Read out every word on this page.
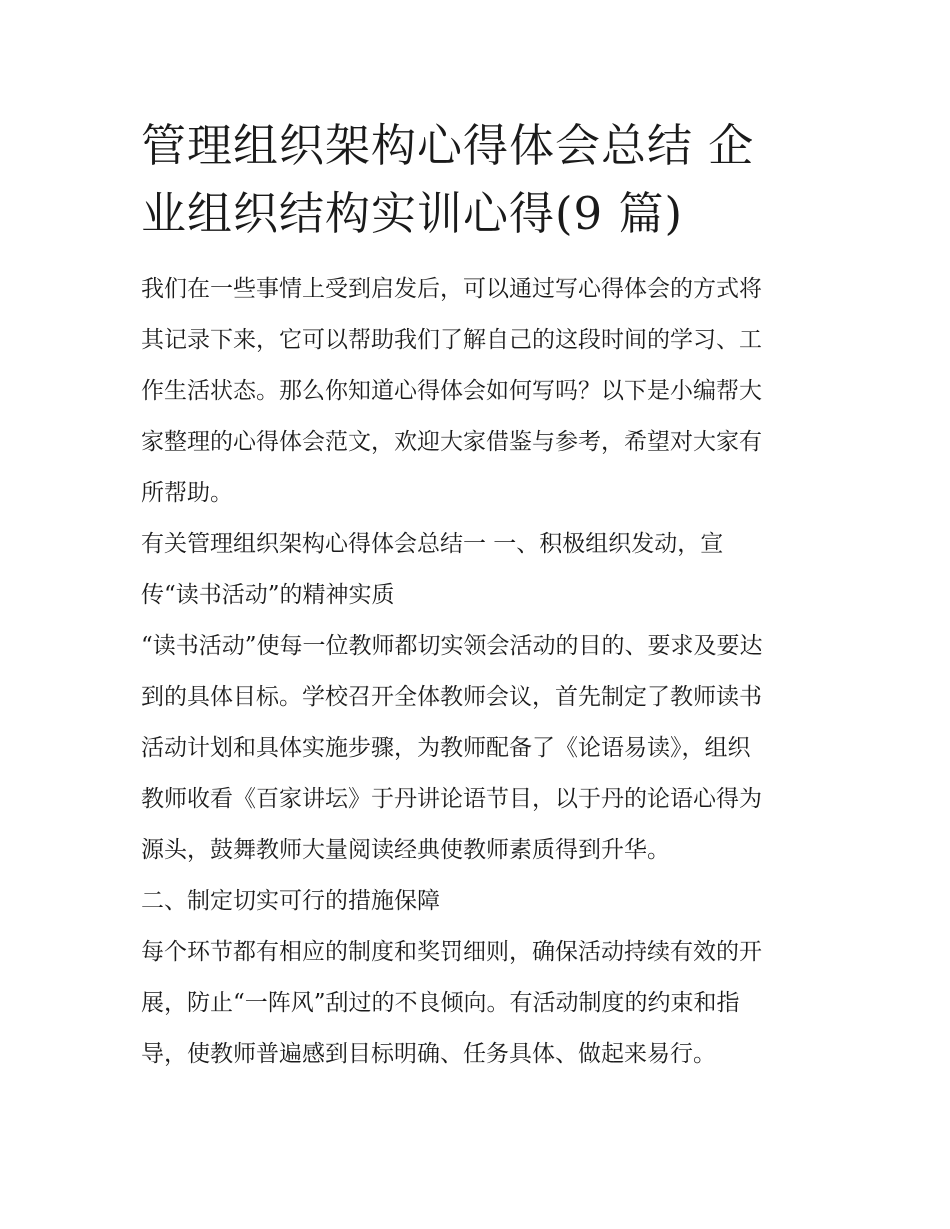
管理组织架构心得体会总结 企
业组织结构实训心得(9 篇)

我们在一些事情上受到启发后，可以通过写心得体会的方式将
其记录下来，它可以帮助我们了解自己的这段时间的学习、工
作生活状态。那么你知道心得体会如何写吗？以下是小编帮大
家整理的心得体会范文，欢迎大家借鉴与参考，希望对大家有
所帮助。

有关管理组织架构心得体会总结一 一、积极组织发动，宣
传“读书活动”的精神实质

“读书活动”使每一位教师都切实领会活动的目的、要求及要达
到的具体目标。学校召开全体教师会议，首先制定了教师读书
活动计划和具体实施步骤，为教师配备了《论语易读》，组织
教师收看《百家讲坛》于丹讲论语节目，以于丹的论语心得为
源头，鼓舞教师大量阅读经典使教师素质得到升华。

二、制定切实可行的措施保障

每个环节都有相应的制度和奖罚细则，确保活动持续有效的开
展，防止“一阵风”刮过的不良倾向。有活动制度的约束和指
导，使教师普遍感到目标明确、任务具体、做起来易行。
